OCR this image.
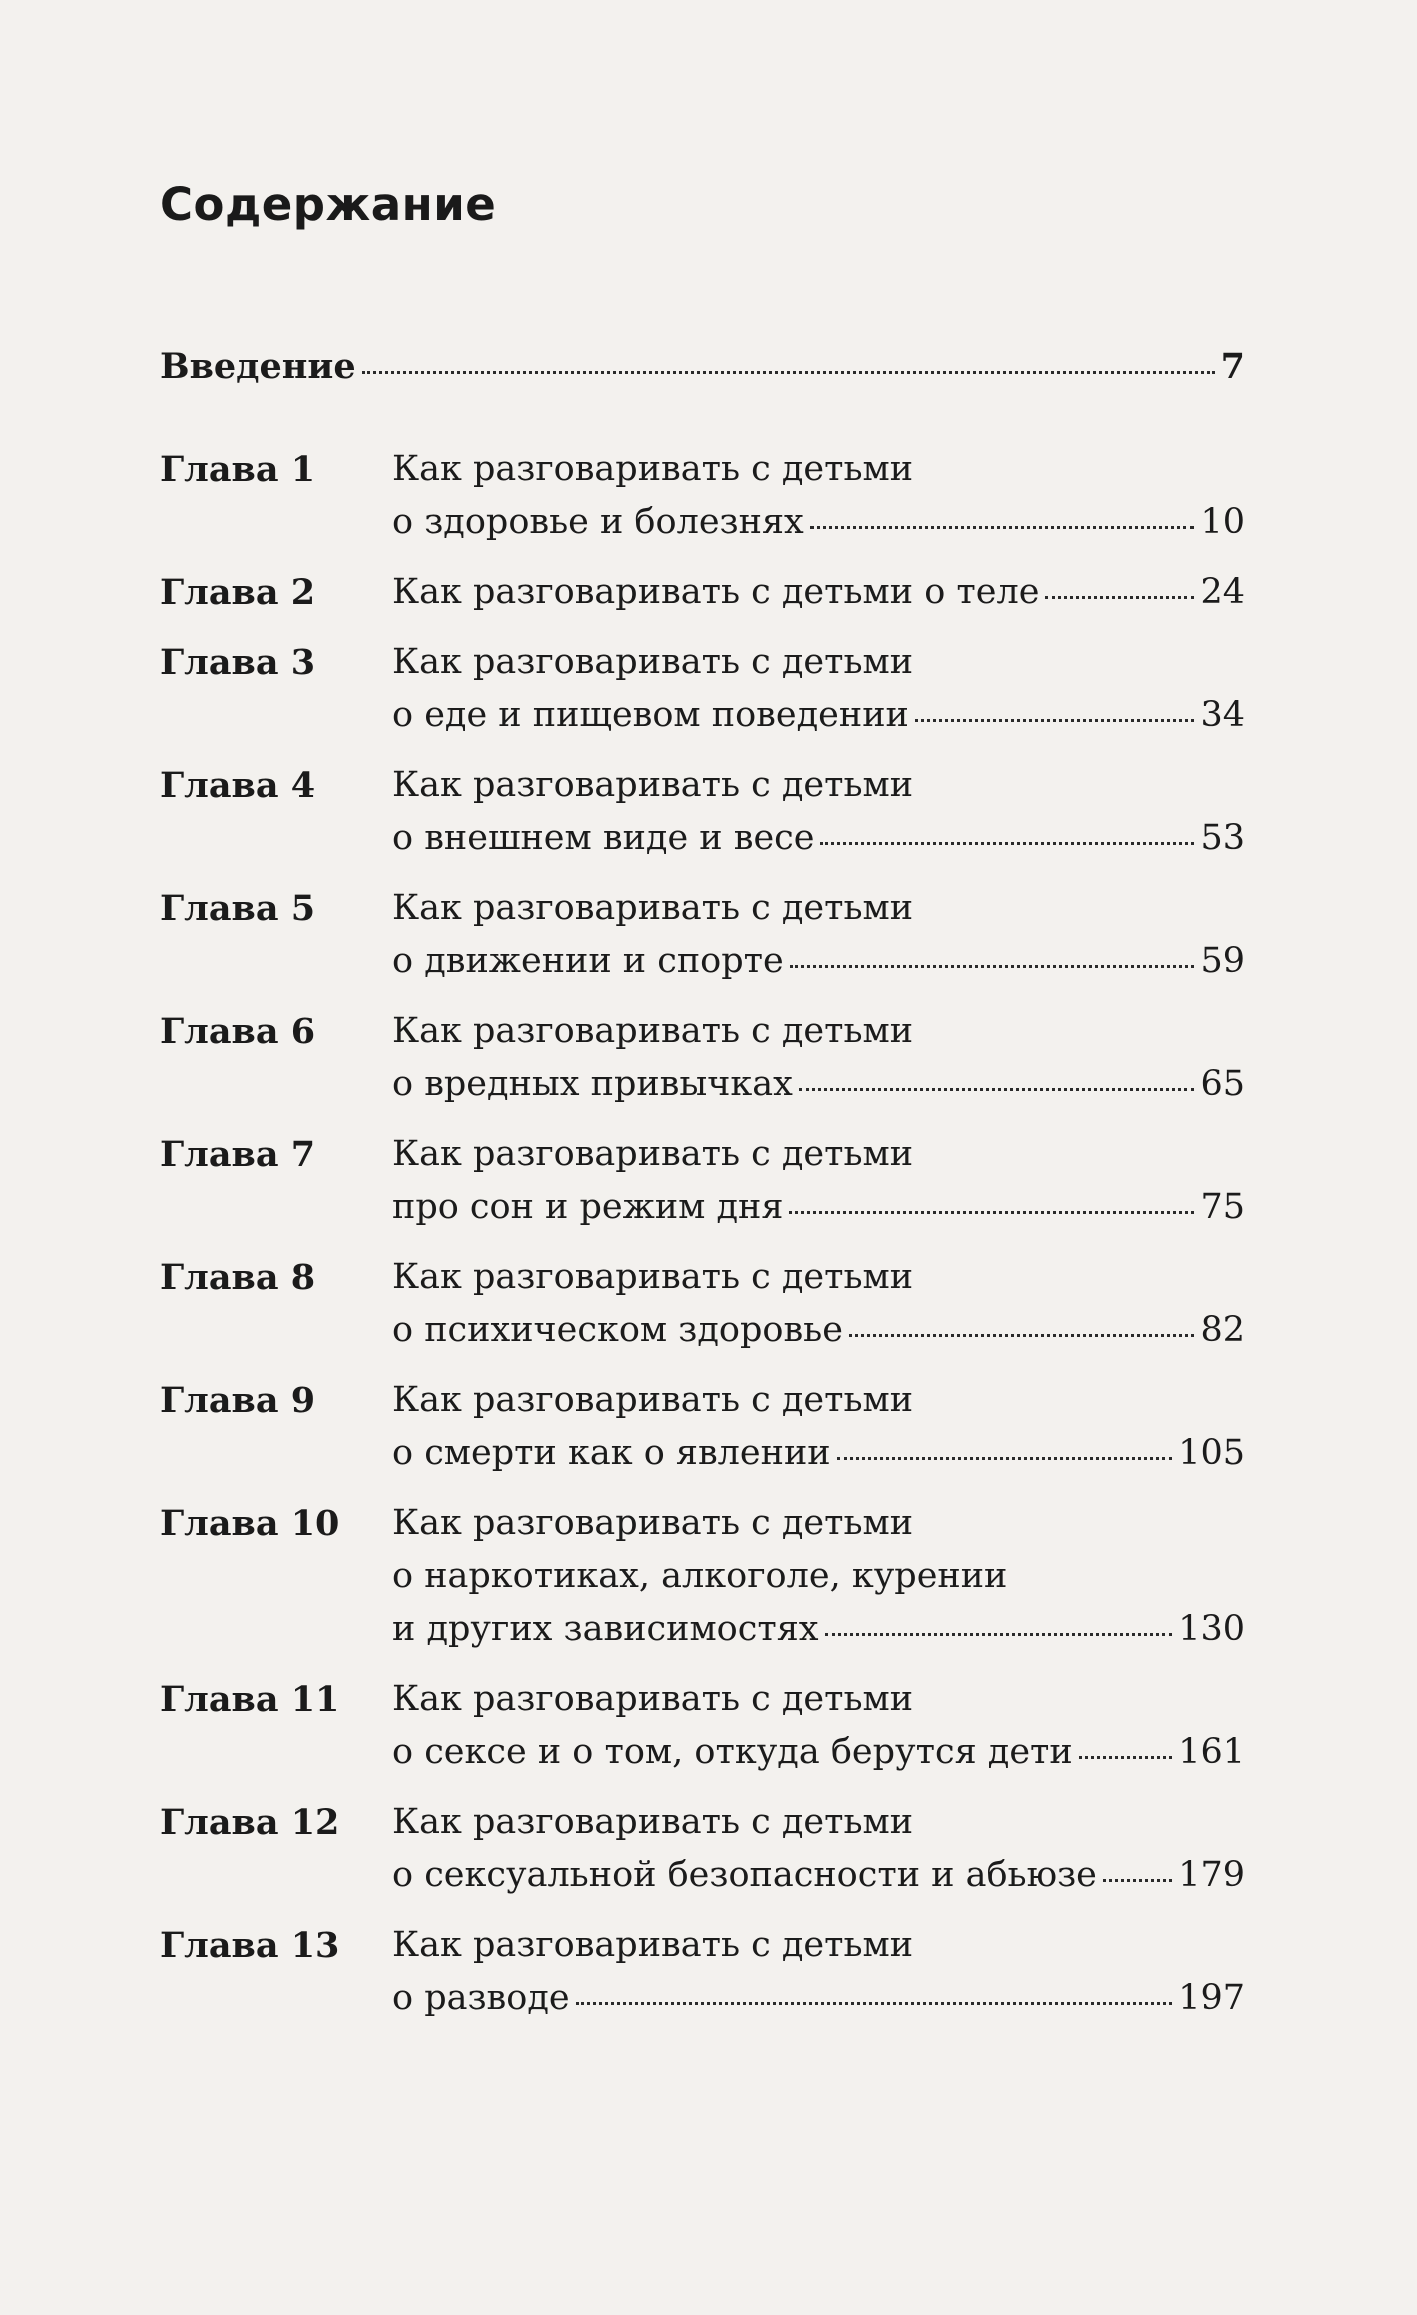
Содержание
Введение	7
Глава 1	Как разговаривать с детьми
о здоровье и болезнях	10
Глава 2	Как разговаривать с детьми о теле	24
Глава 3	Как разговаривать с детьми
о еде и пищевом поведении	34
Глава 4	Как разговаривать с детьми
о внешнем виде и весе	53
Глава 5	Как разговаривать с детьми
о движении и спорте	59
Глава 6	Как разговаривать с детьми
о вредных привычках	65
Глава 7	Как разговаривать с детьми
про сон и режим дня	75
Глава 8	Как разговаривать с детьми
о психическом здоровье	82
Глава 9	Как разговаривать с детьми
о смерти как о явлении	105
Глава 10	Как разговаривать с детьми
о наркотиках, алкоголе, курении
и других зависимостях	130
Глава 11	Как разговаривать с детьми
о сексе и о том, откуда берутся дети	161
Глава 12	Как разговаривать с детьми
о сексуальной безопасности и абьюзе 179
Глава 13	Как разговаривать с детьми
о разводе	197
